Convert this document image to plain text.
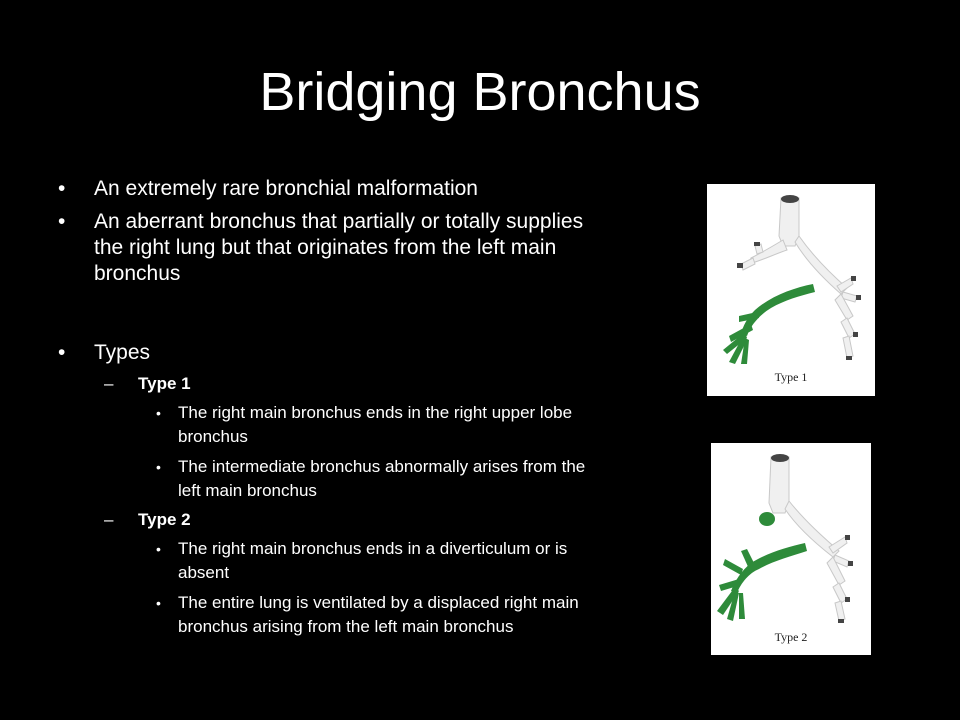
Bridging Bronchus
• An extremely rare bronchial malformation
• An aberrant bronchus that partially or totally supplies the right lung but that originates from the left main bronchus
• Types
– Type 1
• The right main bronchus ends in the right upper lobe bronchus
• The intermediate bronchus abnormally arises from the left main bronchus
– Type 2
• The right main bronchus ends in a diverticulum or is absent
• The entire lung is ventilated by a displaced right main bronchus arising from the left main bronchus
Type 1
Type 2
